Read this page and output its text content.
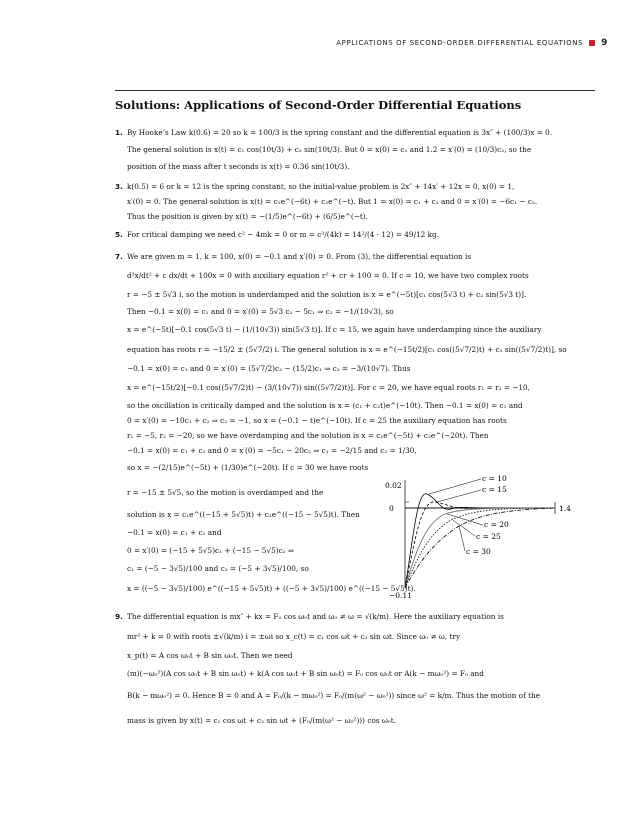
APPLICATIONS OF SECOND-ORDER DIFFERENTIAL EQUATIONS 9
Solutions: Applications of Second-Order Differential Equations
1. By Hooke’s Law k(0.6) = 20 so k = 100/3 is the spring constant and the differential equation is 3x″ + (100/3)x = 0.
The general solution is x(t) = c₁ cos(10t/3) + c₂ sin(10t/3). But 0 = x(0) = c₁ and 1.2 = x′(0) = (10/3)c₂, so the
position of the mass after t seconds is x(t) = 0.36 sin(10t/3).
3. k(0.5) = 6 or k = 12 is the spring constant, so the initial-value problem is 2x″ + 14x′ + 12x = 0, x(0) = 1,
x′(0) = 0. The general solution is x(t) = c₁e^(−6t) + c₂e^(−t). But 1 = x(0) = c₁ + c₂ and 0 = x′(0) = −6c₁ − c₂.
Thus the position is given by x(t) = −(1/5)e^(−6t) + (6/5)e^(−t).
5. For critical damping we need c² − 4mk = 0 or m = c²/(4k) = 14²/(4 · 12) = 49/12 kg.
7. We are given m = 1, k = 100, x(0) = −0.1 and x′(0) = 0. From (3), the differential equation is
d²x/dt² + c dx/dt + 100x = 0 with auxiliary equation r² + cr + 100 = 0. If c = 10, we have two complex roots
r = −5 ± 5√3 i, so the motion is underdamped and the solution is x = e^(−5t)[c₁ cos(5√3 t) + c₂ sin(5√3 t)].
Then −0.1 = x(0) = c₁ and 0 = x′(0) = 5√3 c₂ − 5c₁ ⇒ c₂ = −1/(10√3), so
x = e^(−5t)[−0.1 cos(5√3 t) − (1/(10√3)) sin(5√3 t)]. If c = 15, we again have underdamping since the auxiliary
equation has roots r = −15/2 ± (5√7/2) i. The general solution is x = e^(−15t/2)[c₁ cos((5√7/2)t) + c₂ sin((5√7/2)t)], so
−0.1 = x(0) = c₁ and 0 = x′(0) = (5√7/2)c₂ − (15/2)c₁ ⇒ c₂ = −3/(10√7). Thus
x = e^(−15t/2)[−0.1 cos((5√7/2)t) − (3/(10√7)) sin((5√7/2)t)]. For c = 20, we have equal roots r₁ = r₂ = −10,
so the oscillation is critically damped and the solution is x = (c₁ + c₂t)e^(−10t). Then −0.1 = x(0) = c₁ and
0 = x′(0) = −10c₁ + c₂ ⇒ c₂ = −1, so x = (−0.1 − t)e^(−10t). If c = 25 the auxiliary equation has roots
r₁ = −5, r₂ = −20, so we have overdamping and the solution is x = c₁e^(−5t) + c₂e^(−20t). Then
−0.1 = x(0) = c₁ + c₂ and 0 = x′(0) = −5c₁ − 20c₂ ⇒ c₁ = −2/15 and c₂ = 1/30,
so x = −(2/15)e^(−5t) + (1/30)e^(−20t). If c = 30 we have roots
r = −15 ± 5√5, so the motion is overdamped and the
solution is x = c₁e^((−15 + 5√5)t) + c₂e^((−15 − 5√5)t). Then
−0.1 = x(0) = c₁ + c₂ and
0 = x′(0) = (−15 + 5√5)c₁ + (−15 − 5√5)c₂ ⇒
c₁ = (−5 − 3√5)/100 and c₂ = (−5 + 3√5)/100, so
x = ((−5 − 3√5)/100) e^((−15 + 5√5)t) + ((−5 + 3√5)/100) e^((−15 − 5√5)t).
0.02
0
−0.11
1.4
c = 10
c = 15
c = 20
c = 25
c = 30
9. The differential equation is mx″ + kx = F₀ cos ω₀t and ω₀ ≠ ω = √(k/m). Here the auxiliary equation is
mr² + k = 0 with roots ±√(k/m) i = ±ωi so x_c(t) = c₁ cos ωt + c₂ sin ωt. Since ω₀ ≠ ω, try
x_p(t) = A cos ω₀t + B sin ω₀t. Then we need
(m)(−ω₀²)(A cos ω₀t + B sin ω₀t) + k(A cos ω₀t + B sin ω₀t) = F₀ cos ω₀t or A(k − mω₀²) = F₀ and
B(k − mω₀²) = 0. Hence B = 0 and A = F₀/(k − mω₀²) = F₀/(m(ω² − ω₀²)) since ω² = k/m. Thus the motion of the
mass is given by x(t) = c₁ cos ωt + c₂ sin ωt + (F₀/(m(ω² − ω₀²))) cos ω₀t.
